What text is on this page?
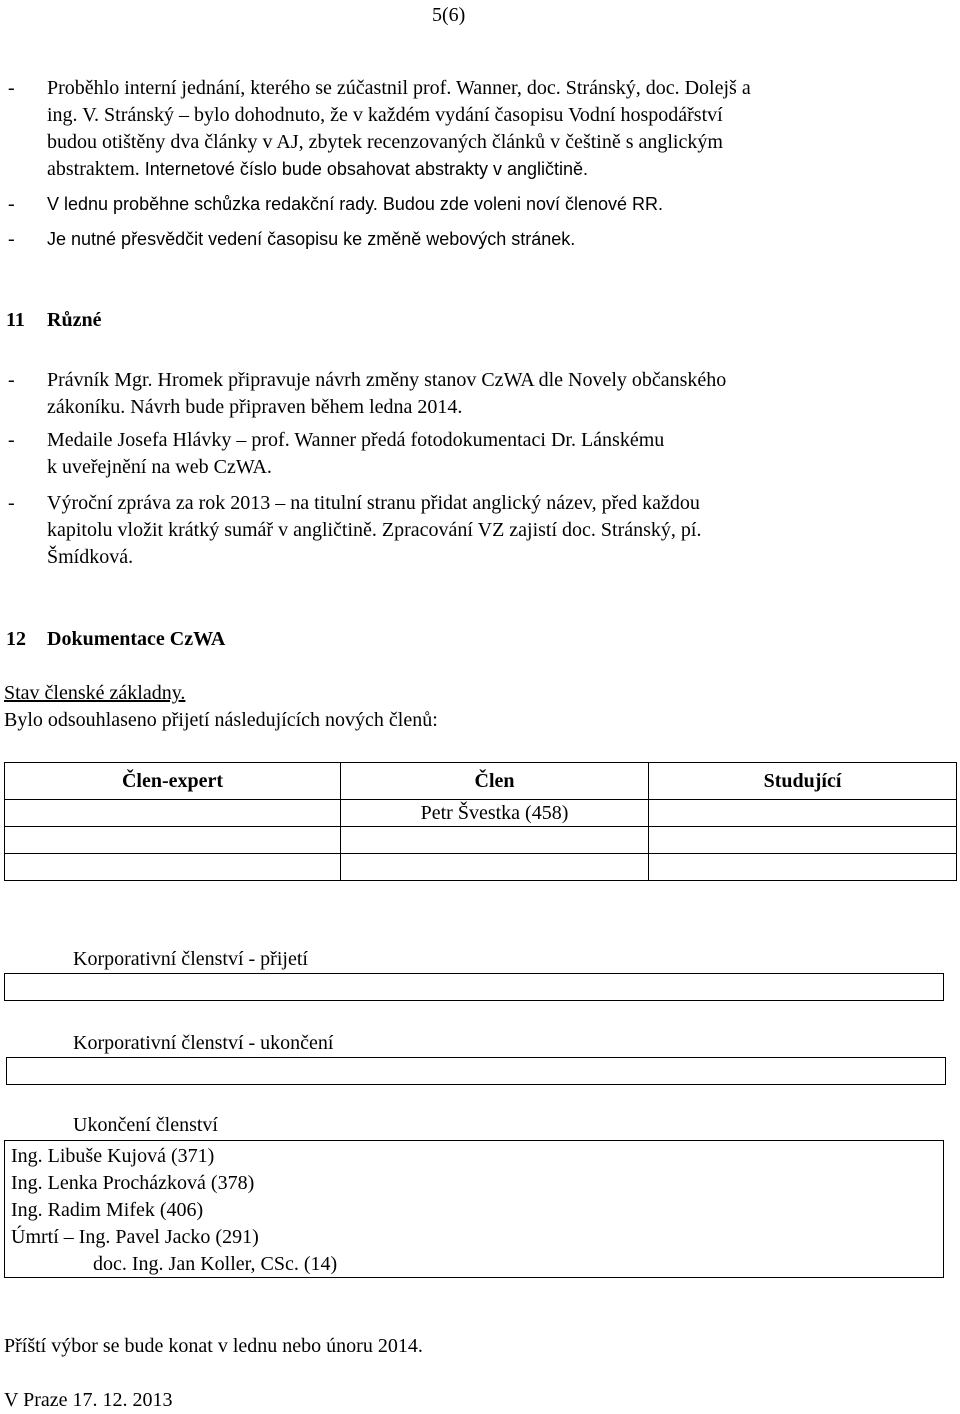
5(6)
-	Proběhlo interní jednání, kterého se zúčastnil prof. Wanner, doc. Stránský, doc. Dolejš a
ing. V. Stránský – bylo dohodnuto, že v každém vydání časopisu Vodní hospodářství
budou otištěny dva články v AJ, zbytek recenzovaných článků v češtině s anglickým
abstraktem. Internetové číslo bude obsahovat abstrakty v angličtině.
-	V lednu proběhne schůzka redakční rady. Budou zde voleni noví členové RR.
-	Je nutné přesvědčit vedení časopisu ke změně webových stránek.
11 Různé
-	Právník Mgr. Hromek připravuje návrh změny stanov CzWA dle Novely občanského
zákoníku. Návrh bude připraven během ledna 2014.
-	Medaile Josefa Hlávky – prof. Wanner předá fotodokumentaci Dr. Lánskému
k uveřejnění na web CzWA.
-	Výroční zpráva za rok 2013 – na titulní stranu přidat anglický název, před každou
kapitolu vložit krátký sumář v angličtině. Zpracování VZ zajistí doc. Stránský, pí.
Šmídková.
12 Dokumentace CzWA
Stav členské základny.
Bylo odsouhlaseno přijetí následujících nových členů:
Člen-expert	Člen	Studující
	Petr Švestka (458)	

Korporativní členství - přijetí
Korporativní členství - ukončení
Ukončení členství
Ing. Libuše Kujová (371)
Ing. Lenka Procházková (378)
Ing. Radim Mifek (406)
Úmrtí – Ing. Pavel Jacko (291)
doc. Ing. Jan Koller, CSc. (14)
Příští výbor se bude konat v lednu nebo únoru 2014.
V Praze 17. 12. 2013
